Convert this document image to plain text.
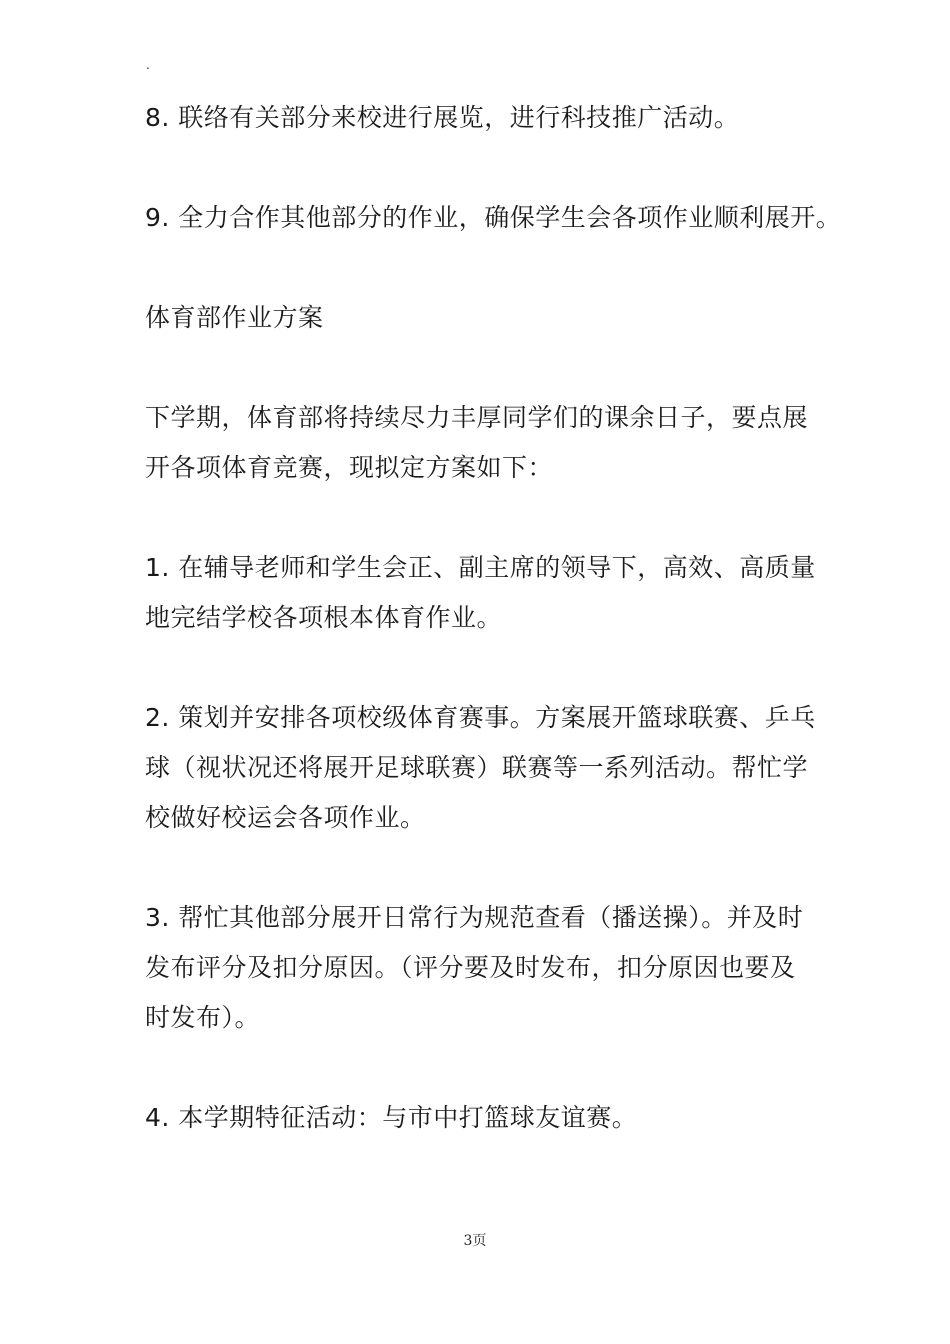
.
8. 联络有关部分来校进行展览，进行科技推广活动。
9. 全力合作其他部分的作业，确保学生会各项作业顺利展开。
体育部作业方案
下学期，体育部将持续尽力丰厚同学们的课余日子，要点展
开各项体育竞赛，现拟定方案如下：
1. 在辅导老师和学生会正、副主席的领导下，高效、高质量
地完结学校各项根本体育作业。
2. 策划并安排各项校级体育赛事。方案展开篮球联赛、乒乓
球（视状况还将展开足球联赛）联赛等一系列活动。帮忙学
校做好校运会各项作业。
3. 帮忙其他部分展开日常行为规范查看（播送操）。并及时
发布评分及扣分原因。（评分要及时发布，扣分原因也要及
时发布）。
4. 本学期特征活动：与市中打篮球友谊赛。
3页
